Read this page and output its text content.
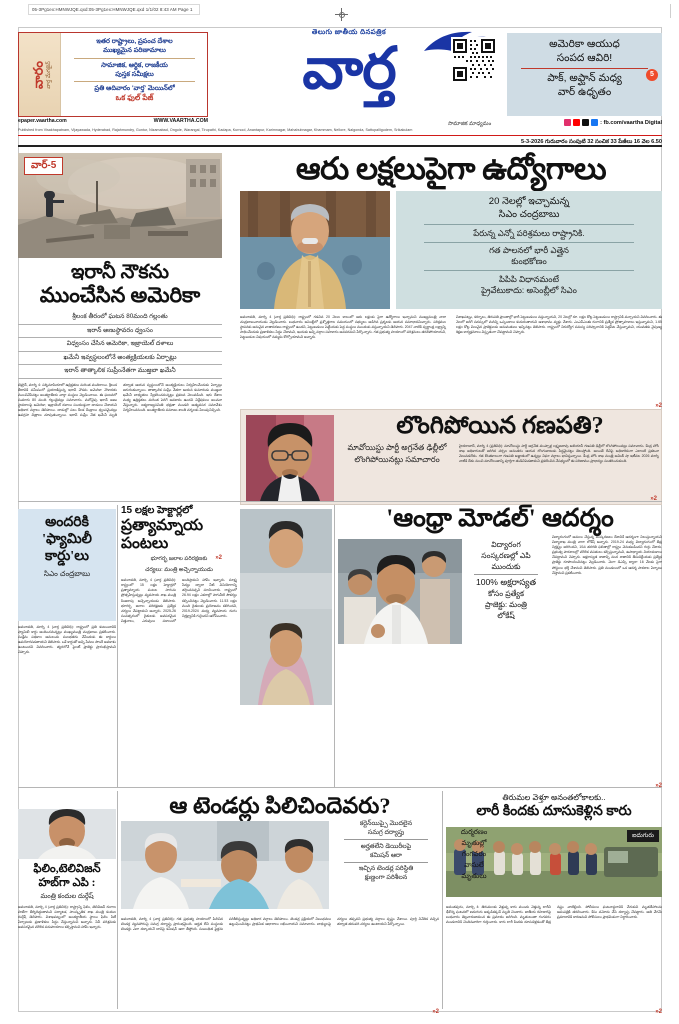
05-3Pg1ex:HMNWJQE.qxd:05-3Pg1ex:HMNWJQE.qxd 1/1/02 8:43 AM Page 1
వారం వార్త మేగజైన్
ఇతర రాష్ట్రాలు, ప్రపంచ దేశాల
ముఖ్యమైన పరిణామాలు
సామాజిక, ఆర్థిక, రాజకీయ
పుస్తక సమీక్షలు
ప్రతి ఆదివారం 'వార్త' మెయిన్‌లో
ఒక ఫుల్ పేజ్
epaper.vaartha.com	WWW.VAARTHA.COM
తెలుగు జాతీయ దినపత్రిక
వార్త	అమెరికా ఆయుధ
సంపద ఆవిరి!
పాక్, అఫ్ఘాన్ మధ్య
వార్ ఉధృతం
5
సామాజిక మాధ్యమం	: fb.com/vaartha Digital
Published from Visakhapatnam, Vijayawada, Hyderabad, Rajahmundry, Guntur, Nizamabad, Ongole, Warangal, Tirupathi, Kadapa, Kurnool, Anantapur, Karimnagar, Mahabubnagar, Khammam, Nellore, Nalgonda, Sattupalligudem, Srikakulam
5-3-2026 గురువారం సంపుటి 32 సంచిక 33 పేజీలు 16 వెల 6.50
ఆరు లక్షలుపైగా ఉద్యోగాలు
వార్-5
ఇరానీ నౌకను
ముంచేసిన అమెరికా
శ్రీలంక తీరంలో ఘటన 80మంది గల్లంతు
ఇరాన్ అణుస్థావరం ధ్వంసం
విధ్వంసం చేసిన అమెరికా, ఇజ్రాయెల్ దళాలు
ఖమేనీ ఇవ్వస్థలంలోనే అంత్యక్రియలకు ఏర్పాట్లు
ఇరాన్ తాత్కాలిక సుప్రీంనేతగా ముజ్తబా ఖమేనీ
టెహ్రాన్, మార్చి 4: పశ్చిమాసియాలో ఉద్రిక్తతలు మరింత ముదిరాయి. శ్రీలంక తీరానికి సమీపంలో ప్రయాణిస్తున్న ఇరాన్ నౌకను అమెరికా నౌకాదళం ముంచివేసినట్లు అంతర్జాతీయ వార్తా సంస్థలు వెల్లడించాయి. ఈ ఘటనలో సుమారు 80 మంది గల్లంతైనట్లు సమాచారం. మరోవైపు ఇరాన్ అణు స్థావరాలపై అమెరికా, ఇజ్రాయెల్ దళాలు సంయుక్తంగా దాడులు చేశాయని అధికార వర్గాలు తెలిపాయి. దాడుల్లో పలు కీలక కేంద్రాలు ధ్వంసమైనట్లు ఉపగ్రహ చిత్రాలు చూపుతున్నాయి. ఇరాన్ సుప్రీం నేత ఖమేనీ మృతి తర్వాత ఆయన స్వస్థలంలోనే అంత్యక్రియలు నిర్వహించేందుకు ఏర్పాట్లు జరుగుతున్నాయి. తాత్కాలిక సుప్రీం నేతగా ఆయన కుమారుడు ముజ్తబా ఖమేనీ బాధ్యతలు స్వీకరించనున్నట్లు ప్రకటన వెలువడింది. ఇరు దేశాల మధ్య ఉద్రిక్తతలు మరింత పెరిగే అవకాశం ఉందని విశ్లేషకులు అంచనా వేస్తున్నారు. ఐక్యరాజ్యసమితి భద్రతా మండలి అత్యవసర సమావేశం నిర్వహించనుంది. అంతర్జాతీయ సమాజం శాంతి చర్చలకు పిలుపునిచ్చింది.
»2
20 నెలల్లో ఇచ్చామన్న
సిఎం చంద్రబాబు
పేరున్న ఎన్నో పరిశ్రమలు రాష్ట్రానికి.
గత పాలనలో భారీ ఎత్తైన
కుంభకోణం
పిపిపి విధానమంటే
ప్రైవేటుకాదు: అసెంబ్లీలో సిఎం
అమరావతి, మార్చి 4 (వార్త ప్రతినిధి): రాష్ట్రంలో గడచిన 20 నెలల కాలంలో ఆరు లక్షలకు పైగా ఉద్యోగాలు ఇచ్చామని ముఖ్యమంత్రి నారా చంద్రబాబునాయుడు వెల్లడించారు. బుధవారం అసెంబ్లీలో ప్రశ్నోత్తరాల సమయంలో సభ్యులు అడిగిన ప్రశ్నలకు ఆయన సమాధానమిచ్చారు. పరిశ్రమల స్థాపనకు అనువైన వాతావరణం రాష్ట్రంలో ఉందని, పెట్టుబడులు పెట్టేందుకు పెద్ద సంస్థలు ముందుకు వస్తున్నాయని తెలిపారు. 2047 నాటికి స్వర్ణాంధ్ర లక్ష్యాన్ని సాధించేందుకు ప్రణాళికలు సిద్ధం చేశామని, ఇందుకు అన్ని వర్గాల సహకారం అవసరమని పేర్కొన్నారు. గత ప్రభుత్వ హయాంలో పరిశ్రమలు తరలిపోయాయని, పెట్టుబడుల విషయంలో నమ్మకం కోల్పోయామని అన్నారు.
విశాఖపట్నం, కర్నూలు, తిరుపతి ప్రాంతాల్లో భారీ పెట్టుబడులు వస్తున్నాయని, 20 నెలల్లో రూ. లక్షల కోట్ల పెట్టుబడులు రాష్ట్రానికి వచ్చాయని వివరించారు. ఈ నెలలో జరిగే సదస్సులో మరిన్ని ఒప్పందాలు కుదురుతాయని ఆశాభావం వ్యక్తం చేశారు. ఎంఎస్ఎంఈ రంగానికి ప్రత్యేక ప్రోత్సాహకాలు ఇస్తున్నామని, 1.65 లక్షల కోట్ల విలువైన ప్రాజెక్టులకు అనుమతులు ఇచ్చినట్లు తెలిపారు. రాష్ట్రంలో నిరుద్యోగ సమస్య పరిష్కారానికి పెద్దపీట వేస్తున్నామని, యువతకు నైపుణ్య శిక్షణ కార్యక్రమాలు విస్తృతంగా చేపట్టామని చెప్పారు.
»2
లొంగిపోయిన గణపతి?
మావోయిస్టు పార్టీ అగ్రనేత ఢిల్లీలో లొంగిపోయినట్లు సమాచారం
హైదరాబాద్, మార్చి 4 (ప్రతినిధి): మావోయిస్టు పార్టీ అగ్రనేత ముప్పాళ్ల లక్ష్మణరావు అలియాస్ గణపతి ఢిల్లీలో లొంగిపోయినట్లు సమాచారం. కేంద్ర హోం శాఖ అధికారులతో జరిగిన చర్చల అనంతరం ఆయన లొంగుబాటుకు సిద్ధమైనట్లు తెలుస్తోంది. అయితే దీనిపై అధికారికంగా ఎలాంటి ప్రకటనా వెలువడలేదు. గత కొంతకాలంగా గణపతి అజ్ఞాతంలో ఉన్నట్లు నిఘా వర్గాలు భావిస్తున్నాయి. కేంద్ర హోం శాఖ మంత్రి అమిత్ షా ఇటీవల 2026 మార్చి నాటికి దేశం నుంచి మావోయిజాన్ని పూర్తిగా తుడిచిపెడతామని ప్రకటించిన నేపథ్యంలో ఈ పరిణామం ప్రాధాన్యం సంతరించుకుంది.
»2
అందరికి
'ఫ్యామిలీ
కార్డు'లు
సిఎం చంద్రబాబు
అమరావతి, మార్చి 4 (వార్త ప్రతినిధి): రాష్ట్రంలో ప్రతి కుటుంబానికి ఫ్యామిలీ కార్డు అందించనున్నట్లు ముఖ్యమంత్రి చంద్రబాబు ప్రకటించారు. సంక్షేమ పథకాల అమలును సులభతరం చేసేందుకు ఈ కార్డులు ఉపయోగపడతాయని తెలిపారు. ఒకే కార్డుతో అన్ని సేవలు పొందే అవకాశం ఉంటుందని వివరించారు. త్వరలోనే పైలట్ ప్రాజెక్టు ప్రారంభిస్తామని చెప్పారు.
15 లక్షల హెక్టార్లలో
ప్రత్యామ్నాయ
పంటలు
భూగర్భ జలాల పరిరక్షణకు
చర్యలు: మంత్రి అచ్చెన్నాయుడు
అమరావతి, మార్చి 4 (వార్త ప్రతినిధి): రాష్ట్రంలో 15 లక్షల హెక్టార్లలో ప్రత్యామ్నాయ పంటల సాగును ప్రోత్సహిస్తున్నట్లు వ్యవసాయ శాఖ మంత్రి కింజరాపు అచ్చెన్నాయుడు తెలిపారు. భూగర్భ జలాల పరిరక్షణకు ప్రత్యేక చర్యలు చేపట్టామని అన్నారు. 2025-26 సంవత్సరంలో రైతులకు అవసరమైన విత్తనాలు, ఎరువులు సకాలంలో అందిస్తామని హామీ ఇచ్చారు. సూక్ష్మ సేద్యం ద్వారా నీటి వినియోగాన్ని తగ్గించవచ్చని సూచించారు. రాష్ట్రంలో 26.94 లక్షల ఎకరాల్లో సాగునీటి సౌకర్యం కల్పించినట్లు వెల్లడించారు. 11.53 లక్షల మంది రైతులకు ప్రయోజనం కలిగిందని, 2019-2024 మధ్య వ్యవసాయ రంగం నిర్లక్ష్యానికి గురైందని ఆరోపించారు.
'ఆంధ్రా మోడల్' ఆదర్శం
విద్యారంగ
సంస్కరణల్లో ఎపి
ముందుకు
100% అక్షరాస్యత
కోసం ప్రత్యేక
ప్రాజెక్టు: మంత్రి
లోకేష్
విద్యారంగంలో అమలు చేస్తున్న సంస్కరణలు దేశానికే ఆదర్శంగా నిలుస్తున్నాయని విద్యాశాఖ మంత్రి నారా లోకేష్ అన్నారు. 2019-24 మధ్య విద్యారంగంలో తీవ్ర నిర్లక్ష్యం జరిగిందని, 10వ తరగతి ఫలితాల్లో రాష్ట్రం వెనుకబడిందని గుర్తు చేశారు. ప్రభుత్వ పాఠశాలల్లో మౌలిక వసతులు కల్పిస్తున్నామని, ఉపాధ్యాయ నియామకాలు చేపట్టామని చెప్పారు. అక్షరాస్యత శాతాన్ని వంద శాతానికి తీసుకెళ్లేందుకు ప్రత్యేక ప్రాజెక్టు రూపొందించినట్లు వెల్లడించారు. మెగా డిఎస్సి ద్వారా 16 వేలకు పైగా పోస్టులు భర్తీ చేశామని తెలిపారు. ప్రతి మండలంలో ఒక ఆదర్శ పాఠశాల ఏర్పాటు చేస్తామని ప్రకటించారు.
»2
ఫిలిం,టెలివిజన్
హబ్‌గా ఎపి :
మంత్రి కందుల దుర్గేష్
అమరావతి, మార్చి 4 (వార్త ప్రతినిధి): రాష్ట్రాన్ని ఫిలిం, టెలివిజన్ రంగాల హబ్‌గా తీర్చిదిద్దుతామని పర్యాటక, సాంస్కృతిక శాఖ మంత్రి కందుల దుర్గేష్ తెలిపారు. విశాఖపట్నంలో అంతర్జాతీయ స్థాయి ఫిలిం సిటీ ఏర్పాటుకు ప్రణాళికలు సిద్ధం చేస్తున్నామని అన్నారు. సినీ పరిశ్రమకు అవసరమైన మౌలిక సదుపాయాలు కల్పిస్తామని హామీ ఇచ్చారు.
ఆ టెండర్లు పిలిచిందెవరు?
కర్టెన్‌యిప్పై మొదలైన
సమగ్ర దర్యాప్తు
అర్హతలేని డెయిరీలపై
కమిషన్ ఆరా
ఇచ్చిన టెండర్ల పరిస్థితి
క్షుణ్ణంగా పరిశీలన
అమరావతి, మార్చి 4 (వార్త ప్రతినిధి): గత ప్రభుత్వ హయాంలో పిలిచిన టెండర్ల వ్యవహారంపై సమగ్ర దర్యాప్తు ప్రారంభమైంది. అర్హత లేని సంస్థలకు టెండర్లు ఎలా దక్కాయనే దానిపై కమిషన్ ఆరా తీస్తోంది. సంబంధిత ఫైళ్లను పరిశీలిస్తున్నట్లు అధికార వర్గాలు తెలిపాయి. టెండర్ల ప్రక్రియలో నిబంధనలు ఉల్లంఘించినట్లు ప్రాథమిక ఆధారాలు లభించాయని సమాచారం. బాధ్యులపై చర్యలు తప్పవని ప్రభుత్వ వర్గాలు స్పష్టం చేశాయి. పూర్తి నివేదిక వచ్చిన తర్వాత తదుపరి చర్యలు ఉంటాయని పేర్కొన్నాయి.
»2
తిరుమల వెళ్తూ అనంతలోకాలకు..
లారీ కిందకు దూసుకెళ్లిన కారు
ఐదుగురు
దుర్మరణం
మృతుల్లో
గంగవరం
వాసులే
మృతులు
అనంతపురం, మార్చి 4: తిరుమలకు వెళ్తున్న కారు ముందు వెళ్తున్న లారీని ఢీకొన్న ఘటనలో ఐదుగురు అక్కడికక్కడే మృతి చెందారు. జాతీయ రహదారిపై బుధవారం తెల్లవారుజామున ఈ ప్రమాదం జరిగింది. మృతులంతా గంగవరం మండలానికి చెందినవారిగా గుర్తించారు. కారు లారీ కిందకు దూసుకెళ్లడంతో తీవ్ర నష్టం వాటిల్లింది. పోలీసులు ఘటనాస్థలానికి చేరుకుని మృతదేహాలను ఆసుపత్రికి తరలించారు. కేసు నమోదు చేసి దర్యాప్తు చేపట్టారు. అతి వేగమే ప్రమాదానికి కారణమని పోలీసులు ప్రాథమికంగా నిర్ధారించారు.
»2
